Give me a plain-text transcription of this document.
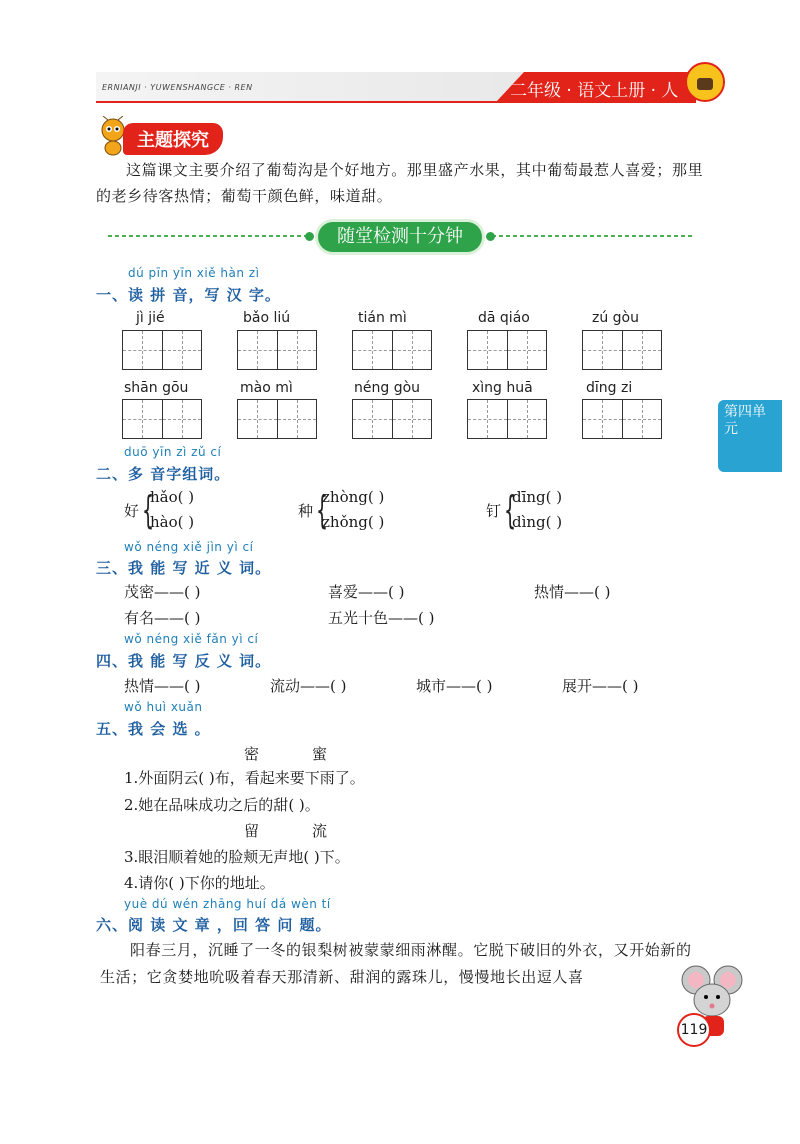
ERNIANJI · YUWENSHANGCE · REN	二年级 · 语文上册 · 人
主题探究
这篇课文主要介绍了葡萄沟是个好地方。那里盛产水果，其中葡萄最惹人喜爱；那里的老乡待客热情；葡萄干颜色鲜，味道甜。
随堂检测十分钟
dú pīn yīn xiě hàn zì
一、读 拼 音，写 汉 字。
jì jié	bǎo liú	tián mì	dā qiáo	zú gòu
shān gōu	mào mì	néng gòu	xìng huā	dīng zi
duō yīn zì zǔ cí
二、多 音字组词。
好 {
hǎo( )
hào( )
种 {
zhòng( )
zhǒng( )
钉 {
dīng( )
dìng( )
wǒ néng xiě jìn yì cí
三、我 能 写 近 义 词。
茂密——( )	喜爱——( )	热情——( )
有名——( )	五光十色——( )
wǒ néng xiě fǎn yì cí
四、我 能 写 反 义 词。
热情——( )	流动——( )	城市——( )	展开——( )
wǒ huì xuǎn
五、我 会 选 。
密	蜜
1.外面阴云( )布，看起来要下雨了。
2.她在品味成功之后的甜( )。
留	流
3.眼泪顺着她的脸颊无声地( )下。
4.请你( )下你的地址。
yuè dú wén zhāng huí dá wèn tí
六、阅 读 文 章 ，回 答 问 题。
阳春三月，沉睡了一冬的银梨树被蒙蒙细雨淋醒。它脱下破旧的外衣，又开始新的生活；它贪婪地吮吸着春天那清新、甜润的露珠儿，慢慢地长出逗人喜
第四单元
119
